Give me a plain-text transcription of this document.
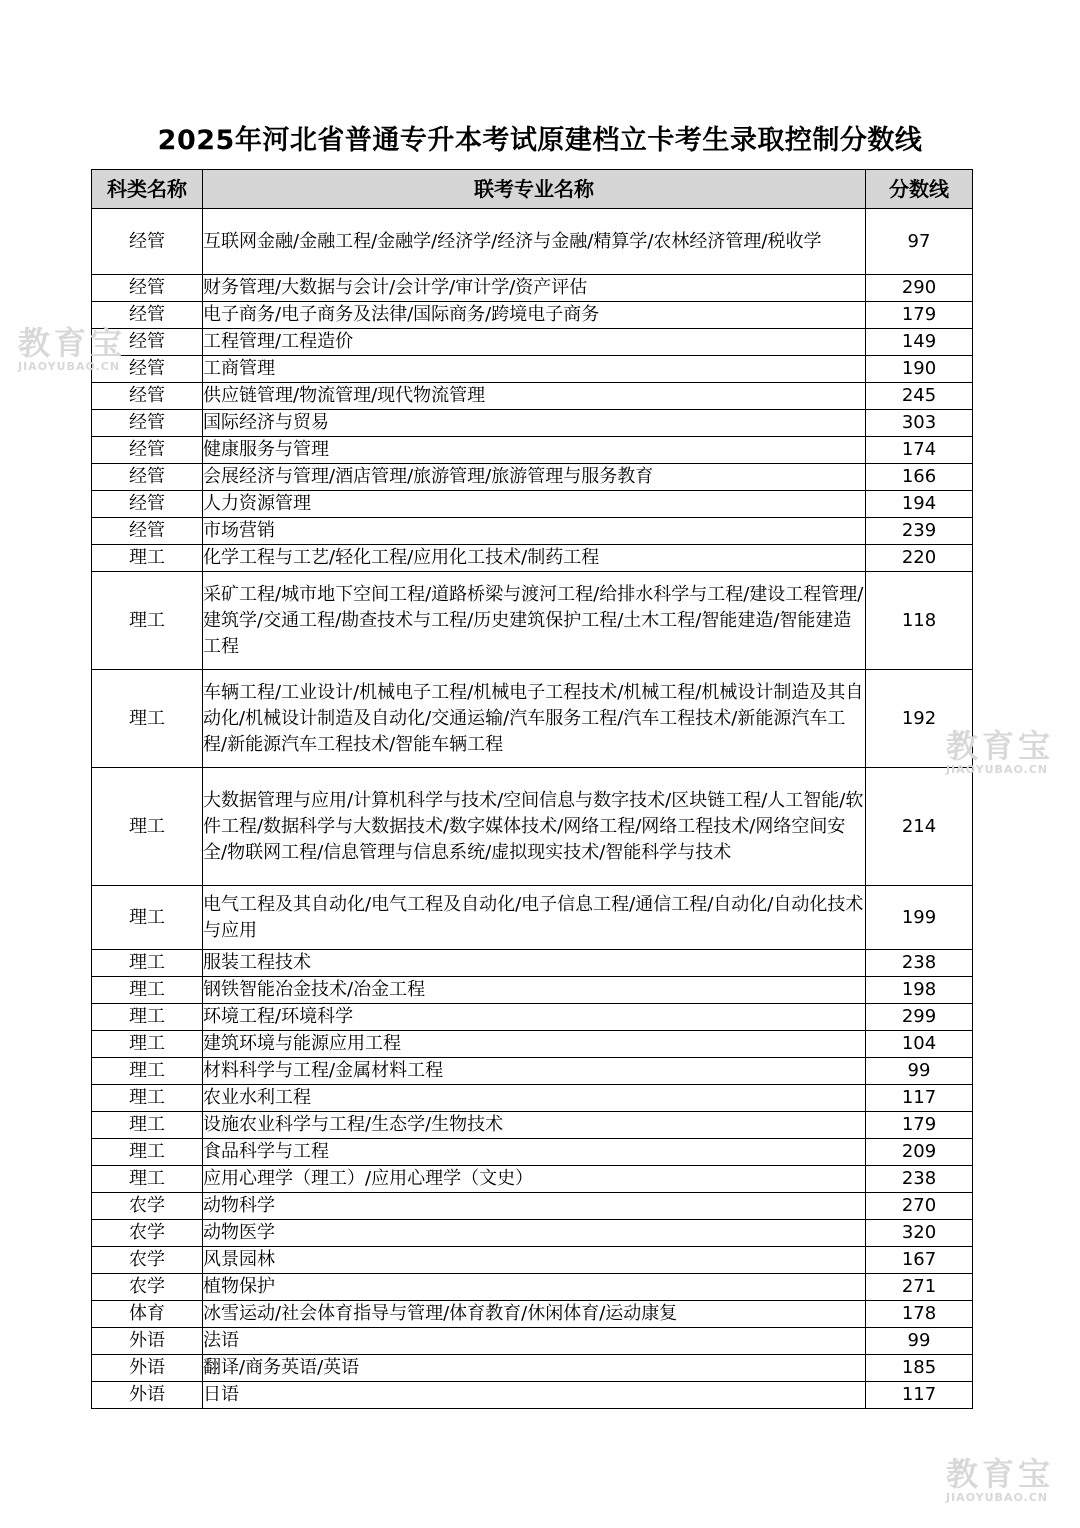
2025年河北省普通专升本考试原建档立卡考生录取控制分数线
科类名称	联考专业名称	分数线
经管	互联网金融/金融工程/金融学/经济学/经济与金融/精算学/农林经济管理/税收学	97
经管	财务管理/大数据与会计/会计学/审计学/资产评估	290
经管	电子商务/电子商务及法律/国际商务/跨境电子商务	179
经管	工程管理/工程造价	149
经管	工商管理	190
经管	供应链管理/物流管理/现代物流管理	245
经管	国际经济与贸易	303
经管	健康服务与管理	174
经管	会展经济与管理/酒店管理/旅游管理/旅游管理与服务教育	166
经管	人力资源管理	194
经管	市场营销	239
理工	化学工程与工艺/轻化工程/应用化工技术/制药工程	220
理工	采矿工程/城市地下空间工程/道路桥梁与渡河工程/给排水科学与工程/建设工程管理/建筑学/交通工程/勘查技术与工程/历史建筑保护工程/土木工程/智能建造/智能建造工程	118
理工	车辆工程/工业设计/机械电子工程/机械电子工程技术/机械工程/机械设计制造及其自动化/机械设计制造及自动化/交通运输/汽车服务工程/汽车工程技术/新能源汽车工程/新能源汽车工程技术/智能车辆工程	192
理工	大数据管理与应用/计算机科学与技术/空间信息与数字技术/区块链工程/人工智能/软件工程/数据科学与大数据技术/数字媒体技术/网络工程/网络工程技术/网络空间安全/物联网工程/信息管理与信息系统/虚拟现实技术/智能科学与技术	214
理工	电气工程及其自动化/电气工程及自动化/电子信息工程/通信工程/自动化/自动化技术与应用	199
理工	服装工程技术	238
理工	钢铁智能冶金技术/冶金工程	198
理工	环境工程/环境科学	299
理工	建筑环境与能源应用工程	104
理工	材料科学与工程/金属材料工程	99
理工	农业水利工程	117
理工	设施农业科学与工程/生态学/生物技术	179
理工	食品科学与工程	209
理工	应用心理学（理工）/应用心理学（文史）	238
农学	动物科学	270
农学	动物医学	320
农学	风景园林	167
农学	植物保护	271
体育	冰雪运动/社会体育指导与管理/体育教育/休闲体育/运动康复	178
外语	法语	99
外语	翻译/商务英语/英语	185
外语	日语	117
教育宝
JIAOYUBAO.CN
教育宝
JIAOYUBAO.CN
教育宝
JIAOYUBAO.CN
